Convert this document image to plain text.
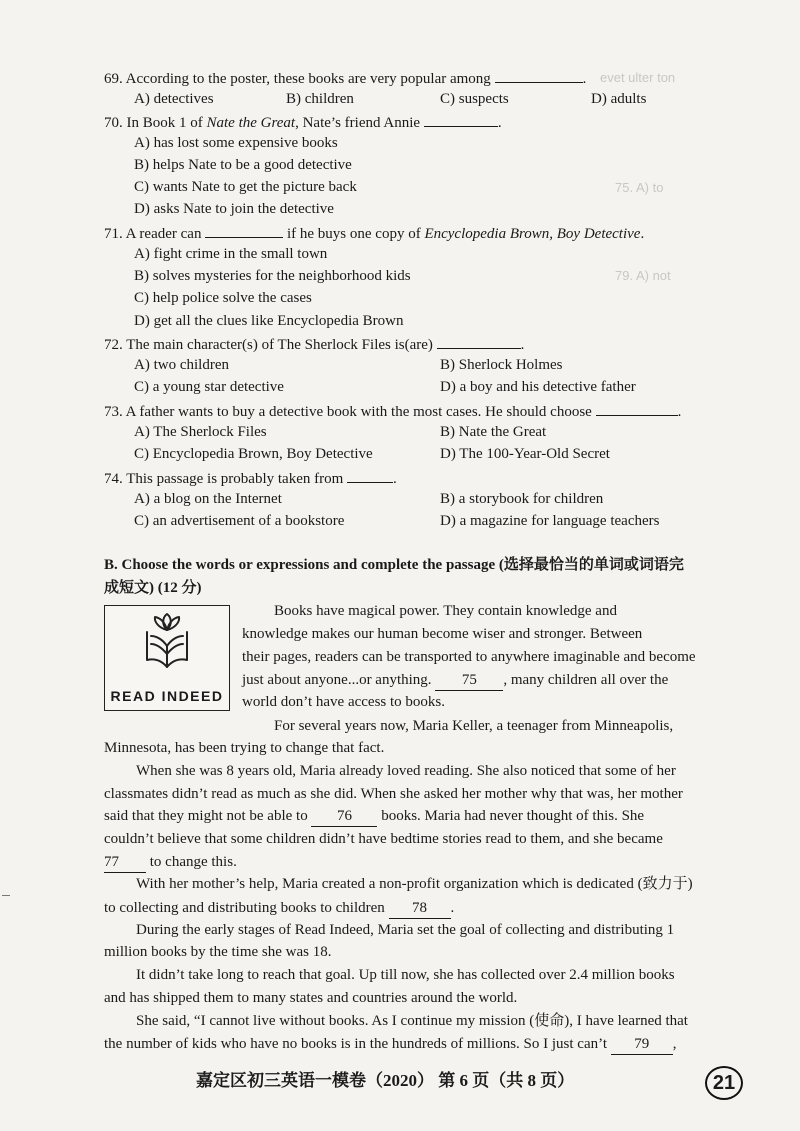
evet ulter ton
75. A) to
79. A) not
69. According to the poster, these books are very popular among	.
A) detectives	B) children	C) suspects	D) adults
70. In Book 1 of Nate the Great, Nate’s friend Annie	.
A) has lost some expensive books
B) helps Nate to be a good detective
C) wants Nate to get the picture back
D) asks Nate to join the detective
71. A reader can	if he buys one copy of Encyclopedia Brown, Boy Detective.
A) fight crime in the small town
B) solves mysteries for the neighborhood kids
C) help police solve the cases
D) get all the clues like Encyclopedia Brown
72. The main character(s) of The Sherlock Files is(are)	.
A) two children	B) Sherlock Holmes
C) a young star detective	D) a boy and his detective father
73. A father wants to buy a detective book with the most cases. He should choose	.
A) The Sherlock Files	B) Nate the Great
C) Encyclopedia Brown, Boy Detective	D) The 100-Year-Old Secret
74. This passage is probably taken from	.
A) a blog on the Internet	B) a storybook for children
C) an advertisement of a bookstore	D) a magazine for language teachers
B. Choose the words or expressions and complete the passage (选择最恰当的单词或词语完
成短文) (12 分)
READ INDEED
Books have magical power. They contain knowledge and
knowledge makes our human become wiser and stronger. Between
their pages, readers can be transported to anywhere imaginable and become
just about anyone...or anything. 75 , many children all over the
world don’t have access to books.
For several years now, Maria Keller, a teenager from Minneapolis,
Minnesota, has been trying to change that fact.
When she was 8 years old, Maria already loved reading. She also noticed that some of her
classmates didn’t read as much as she did. When she asked her mother why that was, her mother
said that they might not be able to 76 books. Maria had never thought of this. She
couldn’t believe that some children didn’t have bedtime stories read to them, and she became
77 to change this.
With her mother’s help, Maria created a non-profit organization which is dedicated (致力于)
to collecting and distributing books to children 78 .
During the early stages of Read Indeed, Maria set the goal of collecting and distributing 1
million books by the time she was 18.
It didn’t take long to reach that goal. Up till now, she has collected over 2.4 million books
and has shipped them to many states and countries around the world.
She said, “I cannot live without books. As I continue my mission (使命), I have learned that
the number of kids who have no books is in the hundreds of millions. So I just can’t 79 ,
嘉定区初三英语一模卷（2020） 第 6 页（共 8 页）	21
